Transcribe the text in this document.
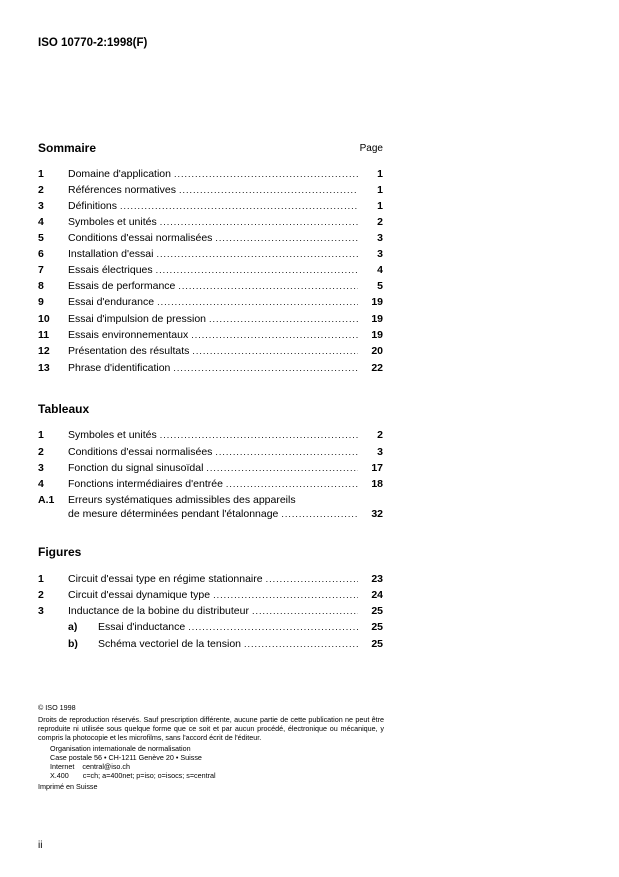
ISO 10770-2:1998(F)
Sommaire	Page
1	Domaine d'application .....	1
2	Références normatives .....	1
3	Définitions .....	1
4	Symboles et unités .....	2
5	Conditions d'essai normalisées .....	3
6	Installation d'essai .....	3
7	Essais électriques .....	4
8	Essais de performance .....	5
9	Essai d'endurance .....	19
10	Essai d'impulsion de pression .....	19
11	Essais environnementaux .....	19
12	Présentation des résultats .....	20
13	Phrase d'identification .....	22
Tableaux
1	Symboles et unités .....	2
2	Conditions d'essai normalisées .....	3
3	Fonction du signal sinusoïdal .....	17
4	Fonctions intermédiaires d'entrée .....	18
A.1	Erreurs systématiques admissibles des appareils
de mesure déterminées pendant l'étalonnage .....	32
Figures
1	Circuit d'essai type en régime stationnaire .....	23
2	Circuit d'essai dynamique type .....	24
3	Inductance de la bobine du distributeur .....	25
a)	Essai d'inductance .....	25
b)	Schéma vectoriel de la tension .....	25

© ISO 1998

Droits de reproduction réservés. Sauf prescription différente, aucune partie de cette publication ne peut être reproduite ni utilisée sous quelque forme que ce soit et par aucun procédé, électronique ou mécanique, y compris la photocopie et les microfilms, sans l'accord écrit de l'éditeur.

Organisation internationale de normalisation

Case postale 56 • CH-1211 Genève 20 • Suisse

Internet    central@iso.ch

X.400       c=ch; a=400net; p=iso; o=isocs; s=central

Imprimé en Suisse

ii
